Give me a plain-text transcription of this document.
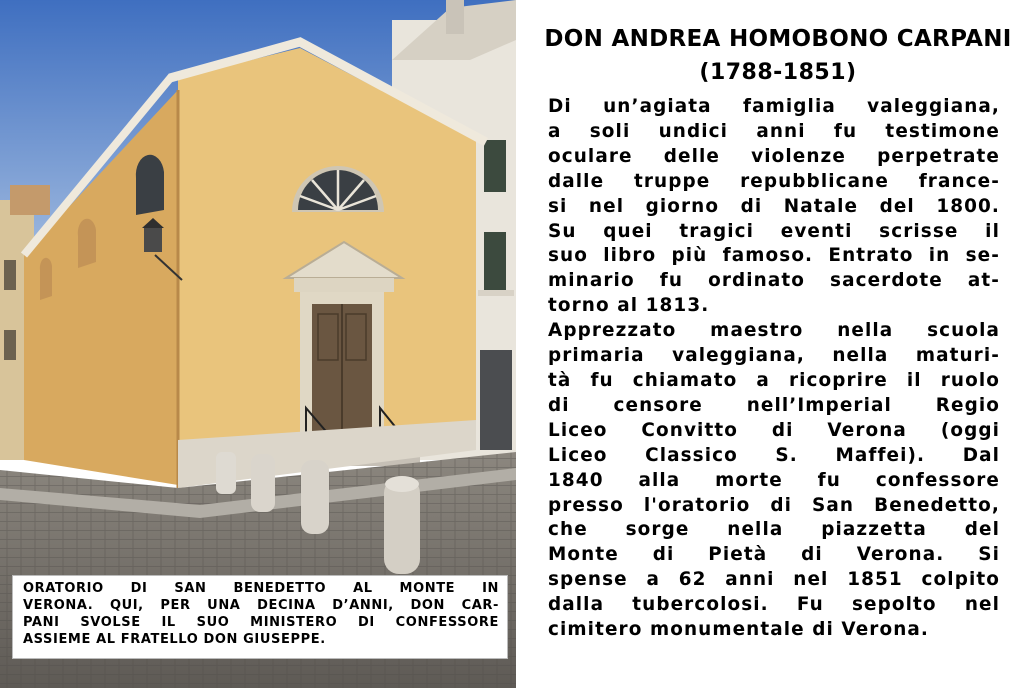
ORATORIO DI SAN BENEDETTO AL MONTE IN
VERONA. QUI, PER UNA DECINA D’ANNI, DON CAR-
PANI SVOLSE IL SUO MINISTERO DI CONFESSORE
ASSIEME AL FRATELLO DON GIUSEPPE.
DON ANDREA HOMOBONO CARPANI
(1788-1851)
Di un’agiata famiglia valeggiana,
a soli undici anni fu testimone
oculare delle violenze perpetrate
dalle truppe repubblicane france-
si nel giorno di Natale del 1800.
Su quei tragici eventi scrisse il
suo libro più famoso. Entrato in se-
minario fu ordinato sacerdote at-
torno al 1813.
Apprezzato maestro nella scuola
primaria valeggiana, nella maturi-
tà fu chiamato a ricoprire il ruolo
di censore nell’Imperial Regio
Liceo Convitto di Verona (oggi
Liceo Classico S. Maffei). Dal
1840 alla morte fu confessore
presso l'oratorio di San Benedetto,
che sorge nella piazzetta del
Monte di Pietà di Verona. Si
spense a 62 anni nel 1851 colpito
dalla tubercolosi. Fu sepolto nel
cimitero monumentale di Verona.
